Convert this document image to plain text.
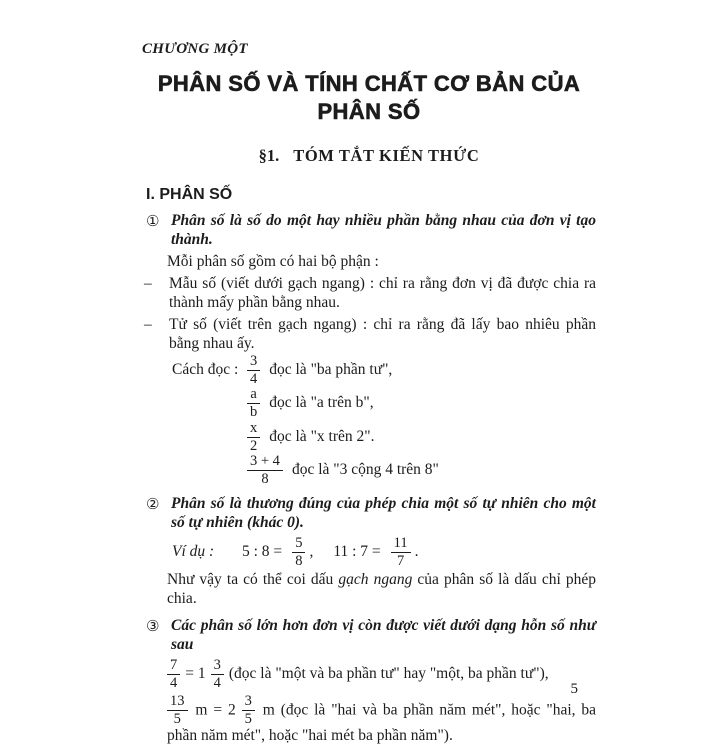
CHƯƠNG MỘT
PHÂN SỐ VÀ TÍNH CHẤT CƠ BẢN CỦA
PHÂN SỐ
§1. TÓM TẮT KIẾN THỨC
I. PHÂN SỐ
① Phân số là số do một hay nhiều phần bằng nhau của đơn vị tạo thành.
Mỗi phân số gồm có hai bộ phận :
–	Mẫu số (viết dưới gạch ngang) : chỉ ra rằng đơn vị đã được chia ra thành mấy phần bằng nhau.
–	Tử số (viết trên gạch ngang) : chỉ ra rằng đã lấy bao nhiêu phần bằng nhau ấy.
Cách đọc : $\frac{3}{4}$ đọc là "ba phần tư",
$\frac{a}{b}$ đọc là "a trên b",
$\frac{x}{2}$ đọc là "x trên 2".
$\frac{3 + 4}{8}$ đọc là "3 cộng 4 trên 8"
② Phân số là thương đúng của phép chia một số tự nhiên cho một số tự nhiên (khác 0).
Ví dụ :	5 : $8 = \frac{5}{8}$ , 11 : $7 = \frac{11}{7}$ .
Như vậy ta có thể coi dấu gạch ngang của phân số là dấu chỉ phép chia.
③ Các phân số lớn hơn đơn vị còn được viết dưới dạng hỗn số như sau
$\frac{7}{4} = 1 \frac{3}{4}$ (đọc là "một và ba phần tư" hay "một, ba phần tư"),
$\frac{13}{5}$ $m = 2 \frac{3}{5}$ m (đọc là "hai và ba phần năm mét", hoặc "hai, ba phần năm mét", hoặc "hai mét ba phần năm").
5
